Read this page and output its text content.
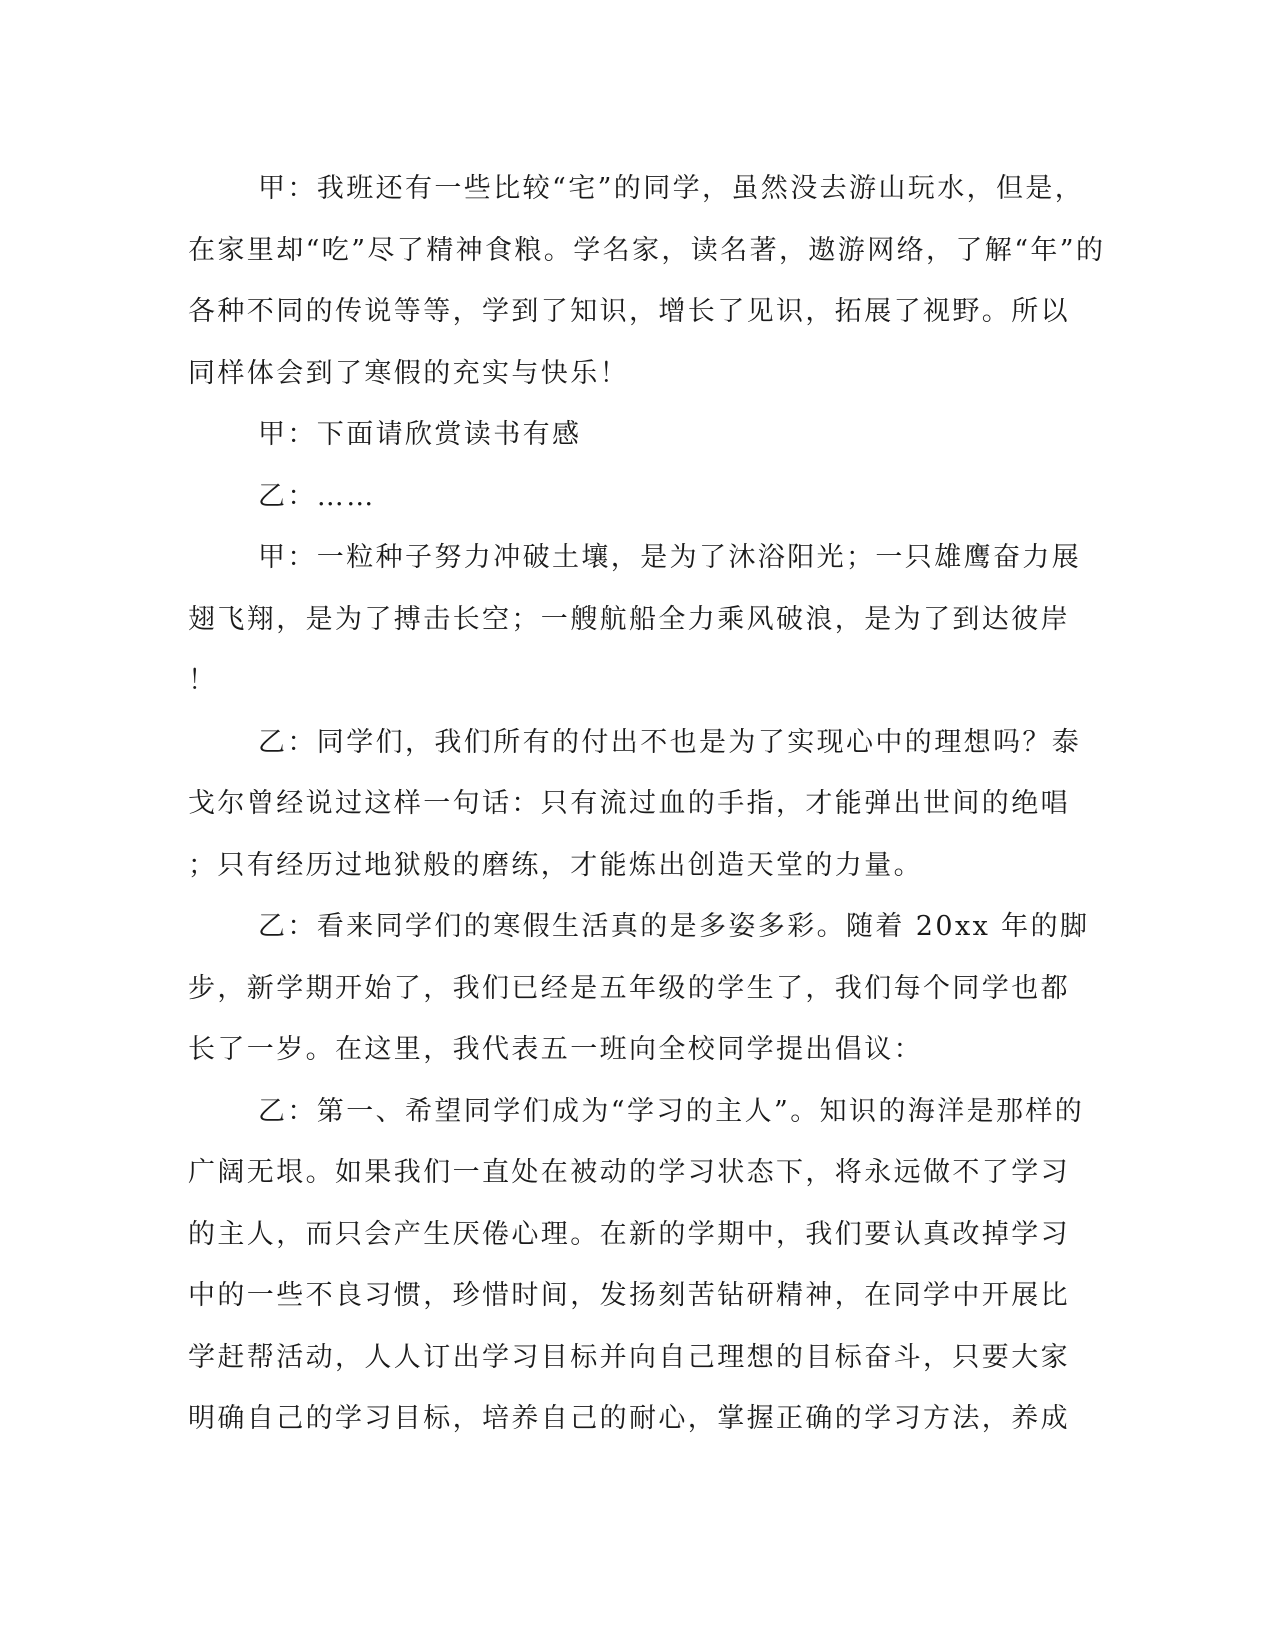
甲：我班还有一些比较“宅”的同学，虽然没去游山玩水，但是，
在家里却“吃”尽了精神食粮。学名家，读名著，遨游网络，了解“年”的
各种不同的传说等等，学到了知识，增长了见识，拓展了视野。所以
同样体会到了寒假的充实与快乐！
甲：下面请欣赏读书有感
乙：……
甲：一粒种子努力冲破土壤，是为了沐浴阳光；一只雄鹰奋力展
翅飞翔，是为了搏击长空；一艘航船全力乘风破浪，是为了到达彼岸
！
乙：同学们，我们所有的付出不也是为了实现心中的理想吗？泰
戈尔曾经说过这样一句话：只有流过血的手指，才能弹出世间的绝唱
；只有经历过地狱般的磨练，才能炼出创造天堂的力量。
乙：看来同学们的寒假生活真的是多姿多彩。随着 20xx 年的脚
步，新学期开始了，我们已经是五年级的学生了，我们每个同学也都
长了一岁。在这里，我代表五一班向全校同学提出倡议：
乙：第一、希望同学们成为“学习的主人”。知识的海洋是那样的
广阔无垠。如果我们一直处在被动的学习状态下，将永远做不了学习
的主人，而只会产生厌倦心理。在新的学期中，我们要认真改掉学习
中的一些不良习惯，珍惜时间，发扬刻苦钻研精神，在同学中开展比
学赶帮活动，人人订出学习目标并向自己理想的目标奋斗，只要大家
明确自己的学习目标，培养自己的耐心，掌握正确的学习方法，养成
